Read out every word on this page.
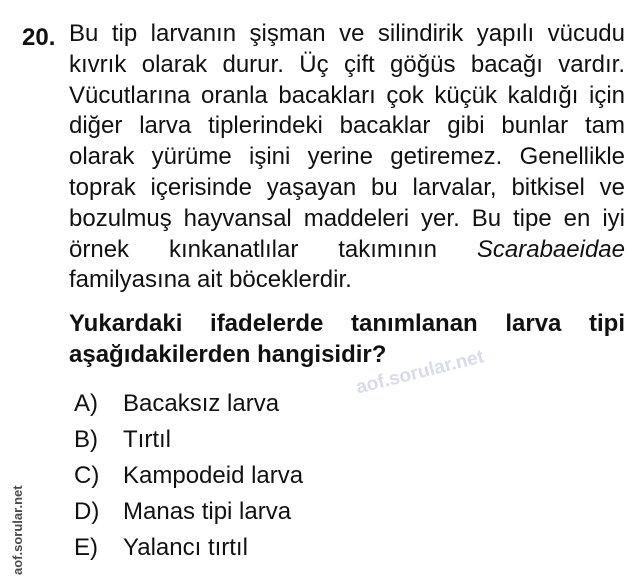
20. Bu tip larvanın şişman ve silindirik yapılı vücudu kıvrık olarak durur. Üç çift göğüs bacağı vardır. Vücutlarına oranla bacakları çok küçük kaldığı için diğer larva tiplerindeki bacaklar gibi bunlar tam olarak yürüme işini yerine getiremez. Genellikle toprak içerisinde yaşayan bu larvalar, bitkisel ve bozulmuş hayvansal maddeleri yer. Bu tipe en iyi örnek kınkanatlılar takımının Scarabaeidae familyasına ait böceklerdir.

Yukardaki ifadelerde tanımlanan larva tipi aşağıdakilerden hangisidir?

A)	Bacaksız larva
B)	Tırtıl
C) Kampodeid larva
D) Manas tipi larva
E)	Yalancı tırtıl
aof.sorular.net
aof.sorular.net
